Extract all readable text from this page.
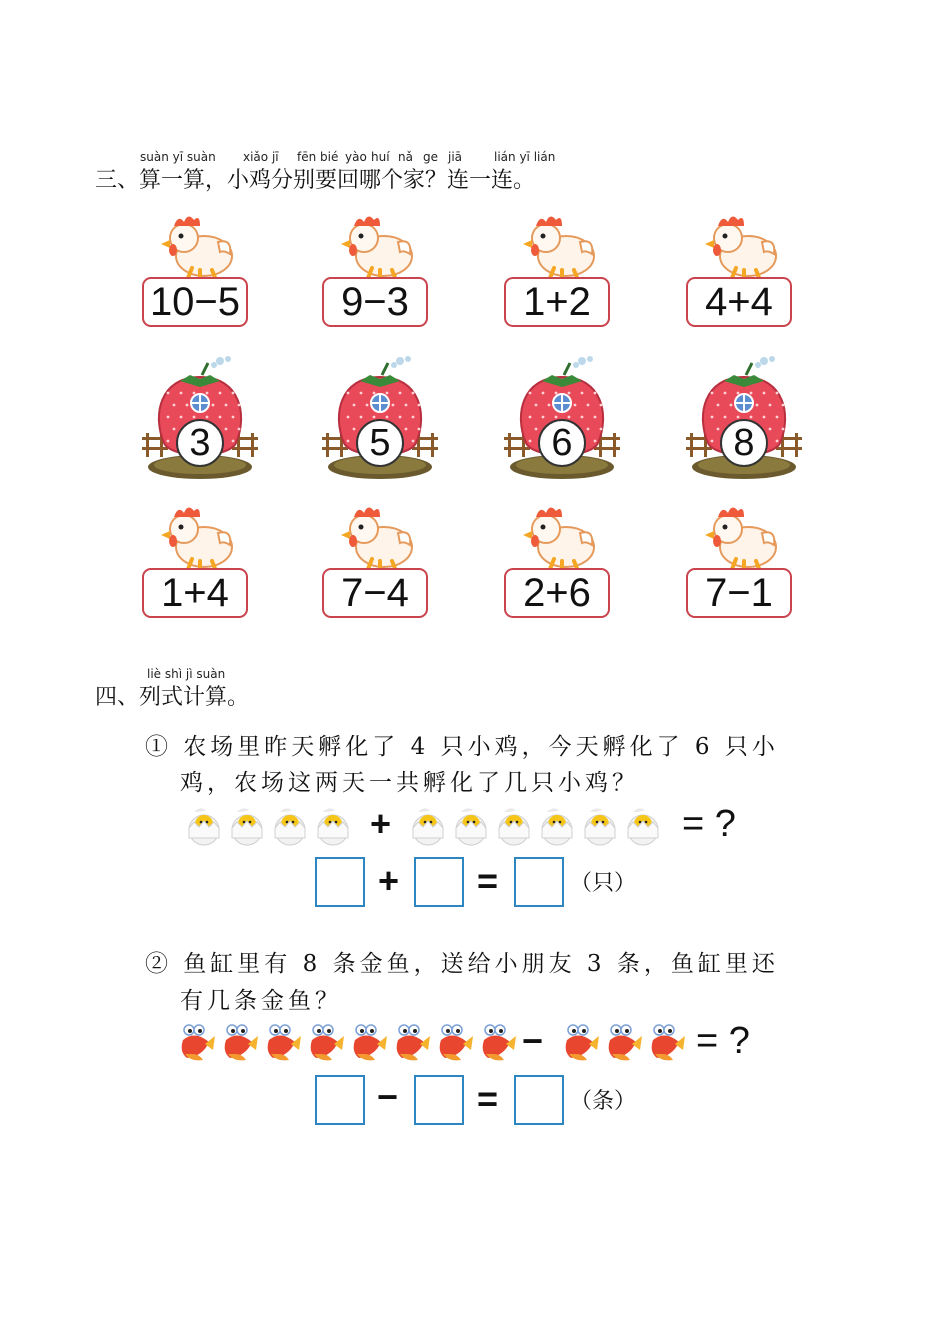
suàn yī suàn xiǎo jī fēn bié yào huí nǎ ge jiā	lián yī lián
三、算一算，小鸡分别要回哪个家？连一连。
10−5	9−3	1+2	4+4
3	5	6	8
1+4	7−4	2+6	7−1
liè shì jì suàn
四、列式计算。
① 农场里昨天孵化了 4 只小鸡，今天孵化了 6 只小
鸡，农场这两天一共孵化了几只小鸡？
+	= ?
+ =	（只）
② 鱼缸里有 8 条金鱼，送给小朋友 3 条，鱼缸里还
有几条金鱼？
−	= ?
− =	（条）
